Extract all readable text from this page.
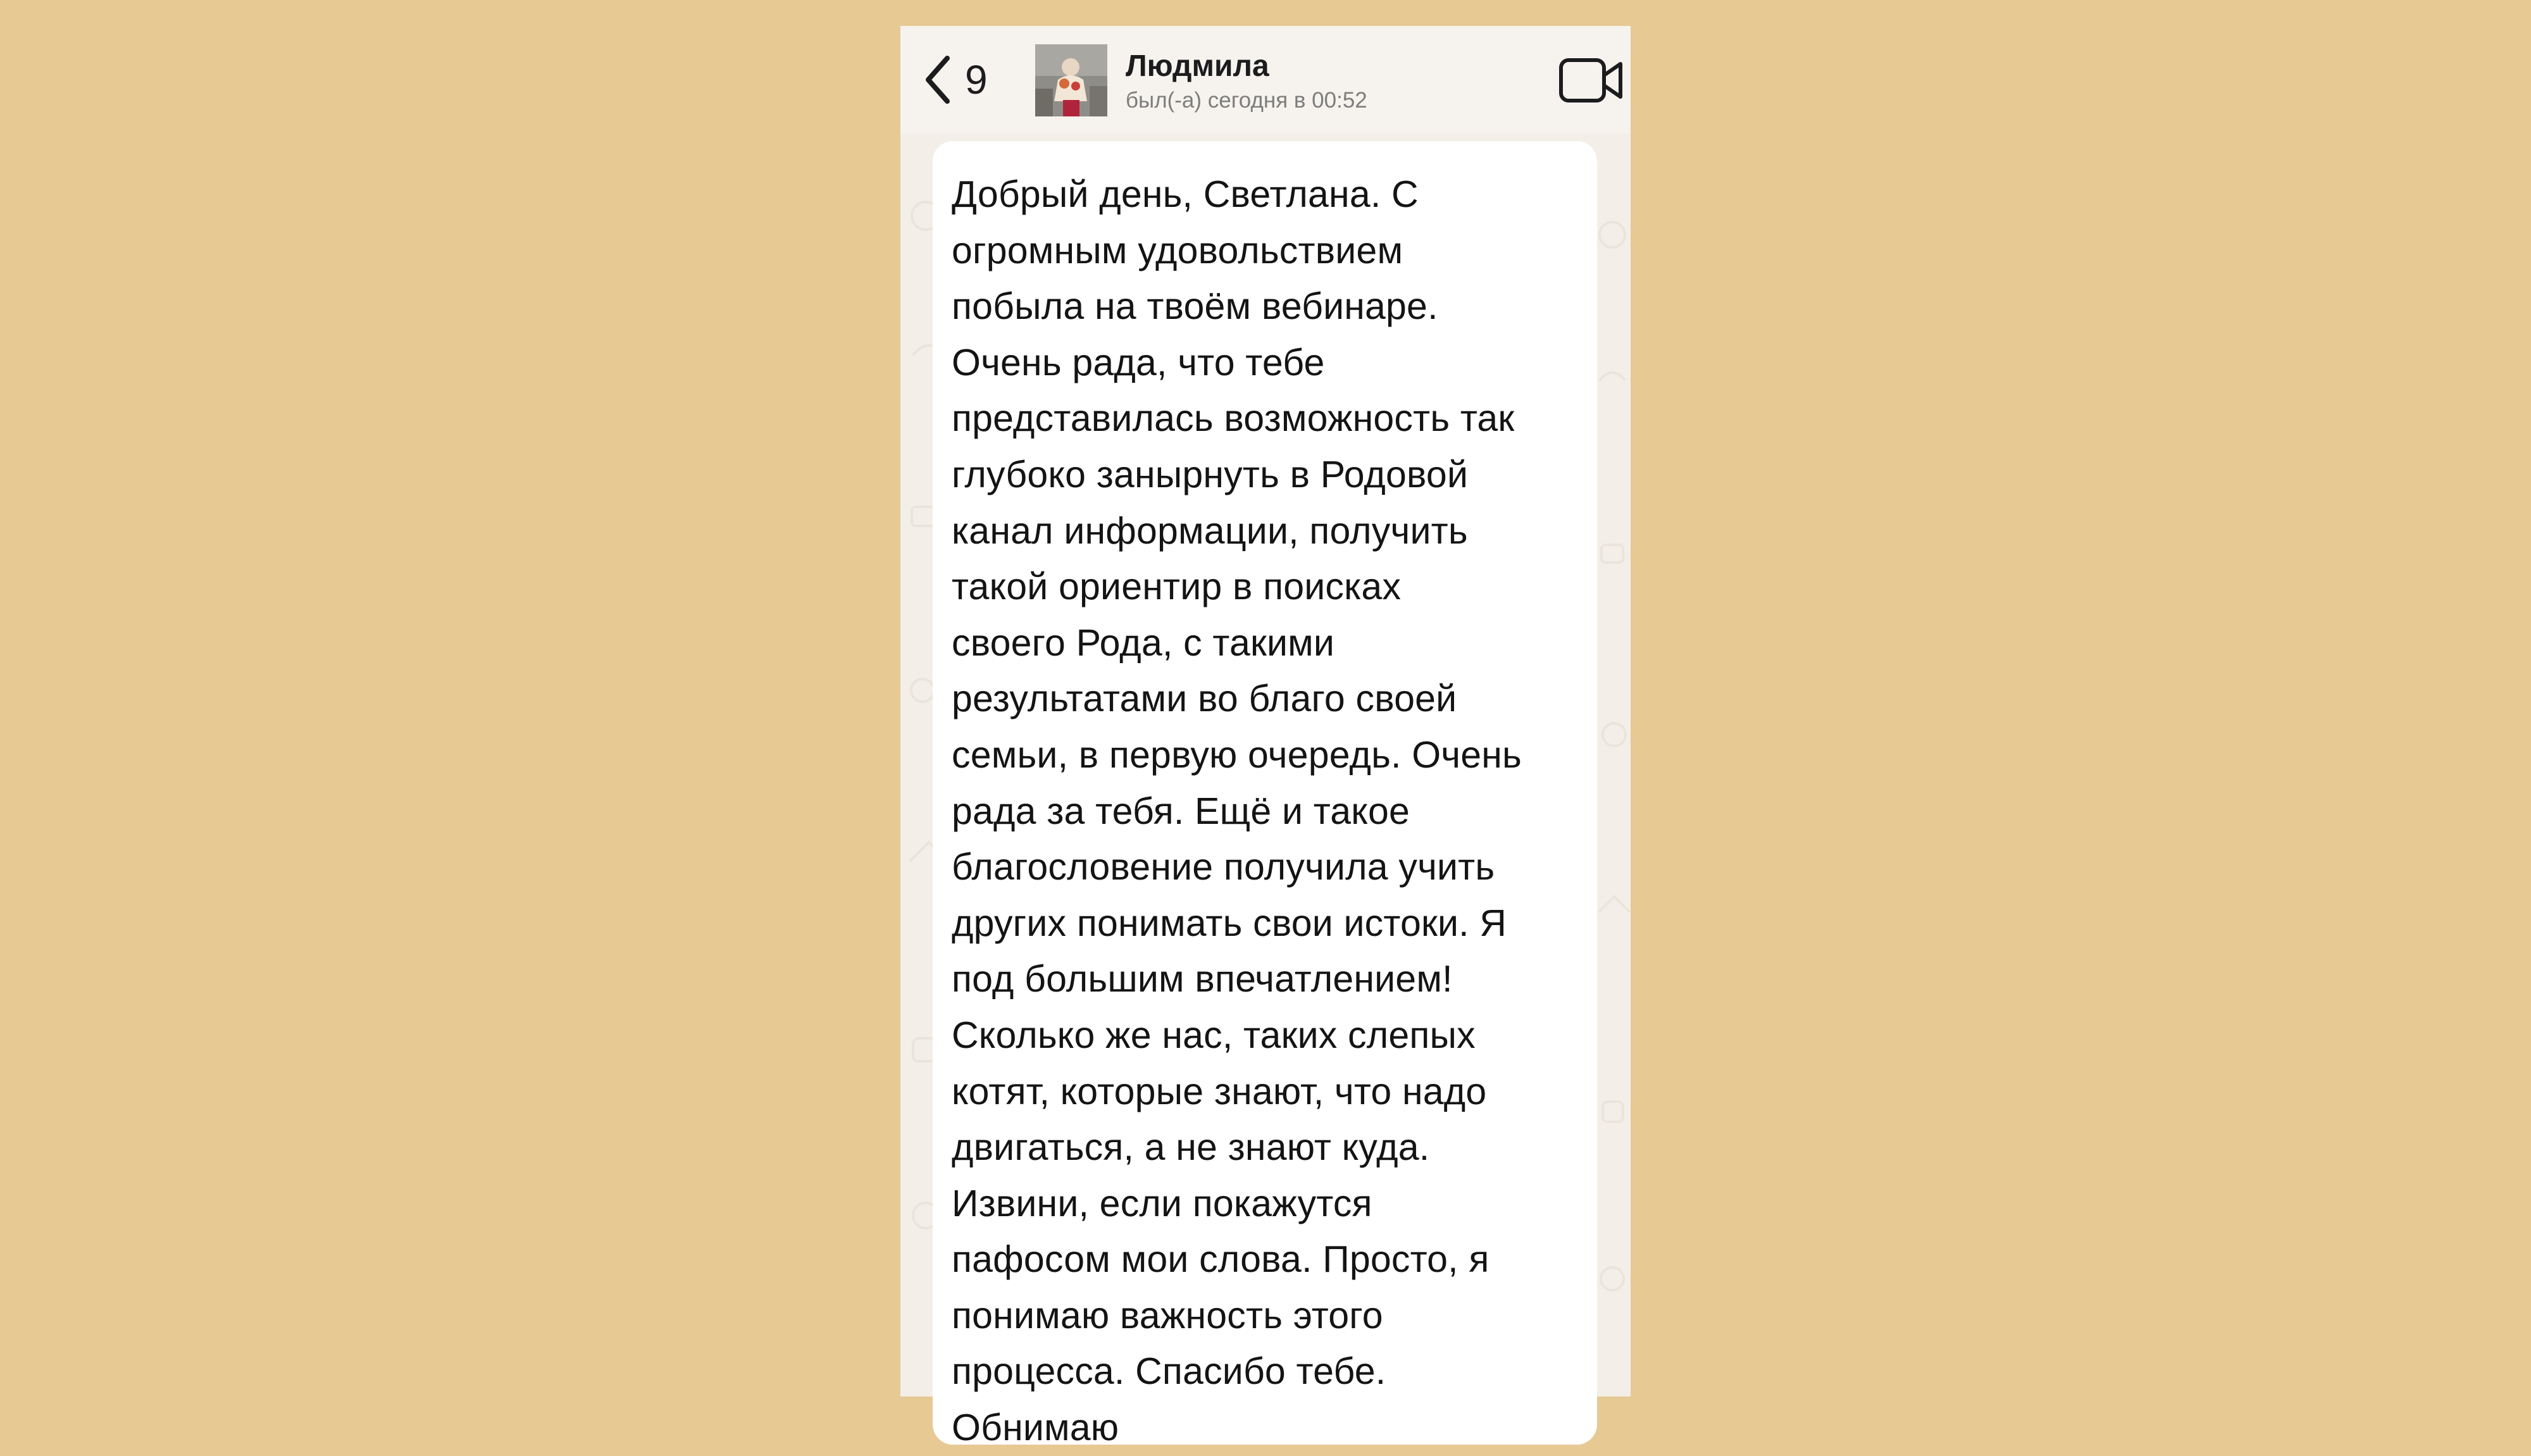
9	Людмила
был(-а) сегодня в 00:52
Добрый день, Светлана. С
огромным удовольствием
побыла на твоём вебинаре.
Очень рада, что тебе
представилась возможность так
глубоко занырнуть в Родовой
канал информации, получить
такой ориентир в поисках
своего Рода, с такими
результатами во благо своей
семьи, в первую очередь. Очень
рада за тебя. Ещё и такое
благословение получила учить
других понимать свои истоки. Я
под большим впечатлением!
Сколько же нас, таких слепых
котят, которые знают, что надо
двигаться, а не знают куда.
Извини, если покажутся
пафосом мои слова. Просто, я
понимаю важность этого
процесса. Спасибо тебе.
Обнимаю
